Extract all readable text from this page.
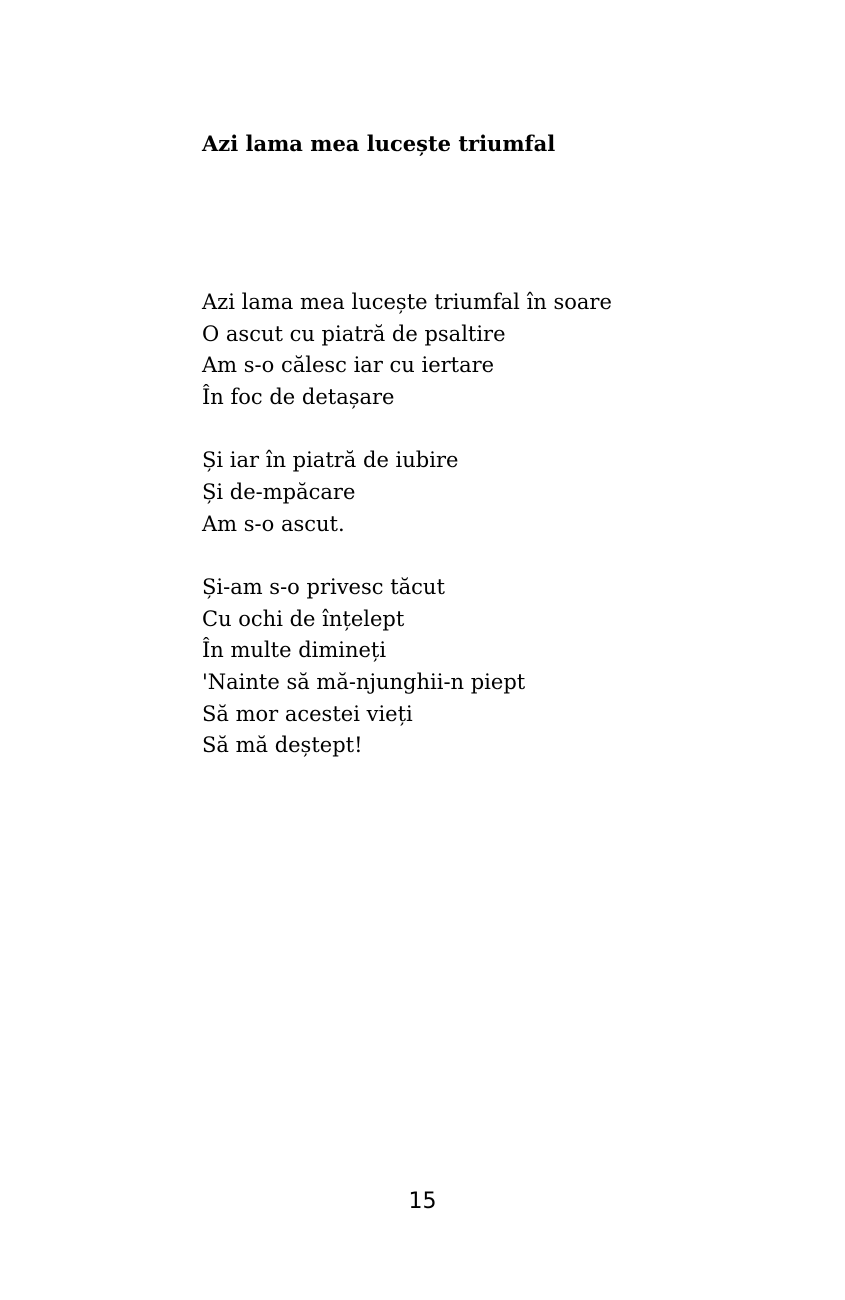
Azi lama mea lucește triumfal
Azi lama mea lucește triumfal în soare
O ascut cu piatră de psaltire
Am s-o călesc iar cu iertare
În foc de detașare
Și iar în piatră de iubire
Și de-mpăcare
Am s-o ascut.
Și-am s-o privesc tăcut
Cu ochi de înțelept
În multe dimineți
'Nainte să mă-njunghii-n piept
Să mor acestei vieți
Să mă deștept!
15
